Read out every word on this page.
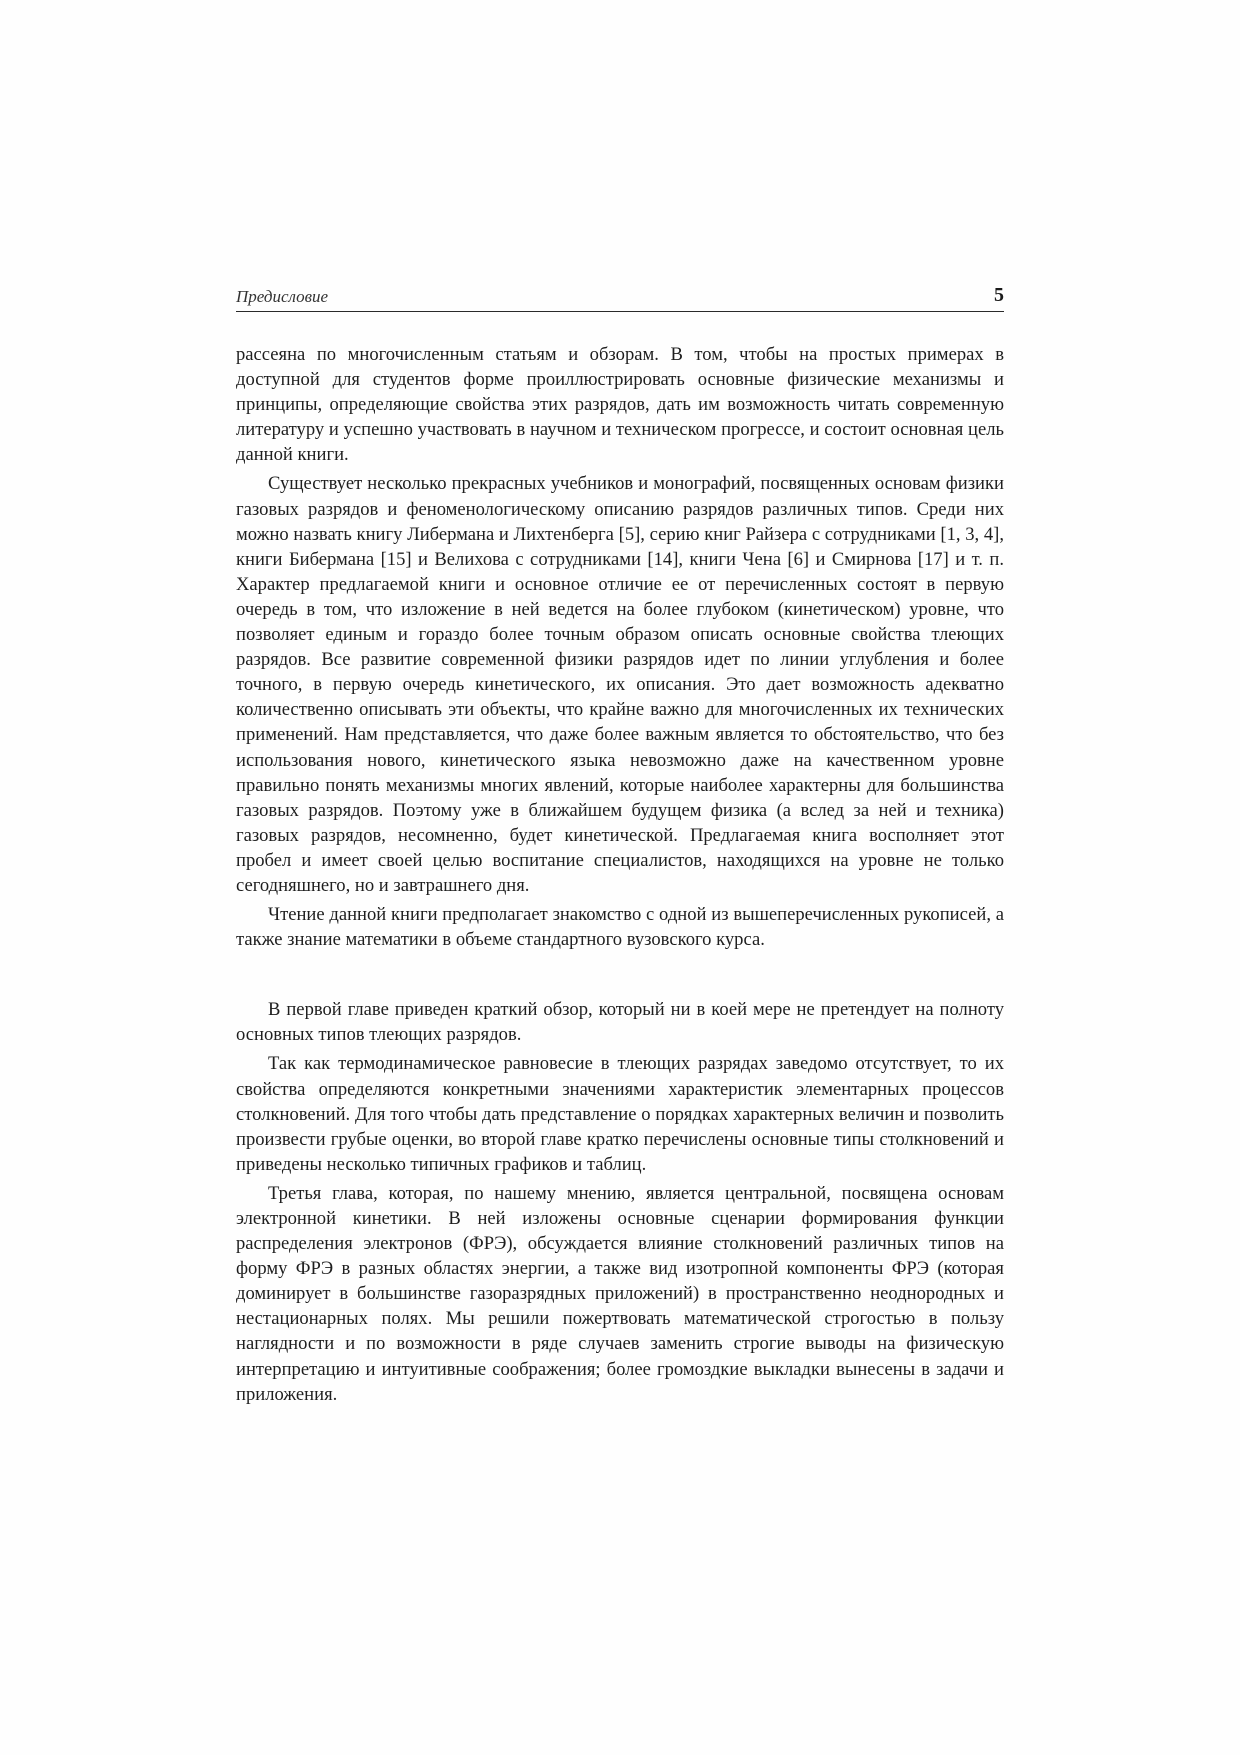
Предисловие	5

рассеяна по многочисленным статьям и обзорам. В том, чтобы на простых примерах в доступной для студентов форме проиллюстрировать основные физические механизмы и принципы, определяющие свойства этих разрядов, дать им возможность читать современную литературу и успешно участвовать в научном и техническом прогрессе, и состоит основная цель данной книги.

Существует несколько прекрасных учебников и монографий, посвященных основам физики газовых разрядов и феноменологическому описанию разрядов различных типов. Среди них можно назвать книгу Либермана и Лихтенберга [5], серию книг Райзера с сотрудниками [1, 3, 4], книги Бибермана [15] и Велихова с сотрудниками [14], книги Чена [6] и Смирнова [17] и т. п. Характер предлагаемой книги и основное отличие ее от перечисленных состоят в первую очередь в том, что изложение в ней ведется на более глубоком (кинетическом) уровне, что позволяет единым и гораздо более точным образом описать основные свойства тлеющих разрядов. Все развитие современной физики разрядов идет по линии углубления и более точного, в первую очередь кинетического, их описания. Это дает возможность адекватно количественно описывать эти объекты, что крайне важно для многочисленных их технических применений. Нам представляется, что даже более важным является то обстоятельство, что без использования нового, кинетического языка невозможно даже на качественном уровне правильно понять механизмы многих явлений, которые наиболее характерны для большинства газовых разрядов. Поэтому уже в ближайшем будущем физика (а вслед за ней и техника) газовых разрядов, несомненно, будет кинетической. Предлагаемая книга восполняет этот пробел и имеет своей целью воспитание специалистов, находящихся на уровне не только сегодняшнего, но и завтрашнего дня.

Чтение данной книги предполагает знакомство с одной из вышеперечисленных рукописей, а также знание математики в объеме стандартного вузовского курса.

В первой главе приведен краткий обзор, который ни в коей мере не претендует на полноту основных типов тлеющих разрядов.

Так как термодинамическое равновесие в тлеющих разрядах заведомо отсутствует, то их свойства определяются конкретными значениями характеристик элементарных процессов столкновений. Для того чтобы дать представление о порядках характерных величин и позволить произвести грубые оценки, во второй главе кратко перечислены основные типы столкновений и приведены несколько типичных графиков и таблиц.

Третья глава, которая, по нашему мнению, является центральной, посвящена основам электронной кинетики. В ней изложены основные сценарии формирования функции распределения электронов (ФРЭ), обсуждается влияние столкновений различных типов на форму ФРЭ в разных областях энергии, а также вид изотропной компоненты ФРЭ (которая доминирует в большинстве газоразрядных приложений) в пространственно неоднородных и нестационарных полях. Мы решили пожертвовать математической строгостью в пользу наглядности и по возможности в ряде случаев заменить строгие выводы на физическую интерпретацию и интуитивные соображения; более громоздкие выкладки вынесены в задачи и приложения.
